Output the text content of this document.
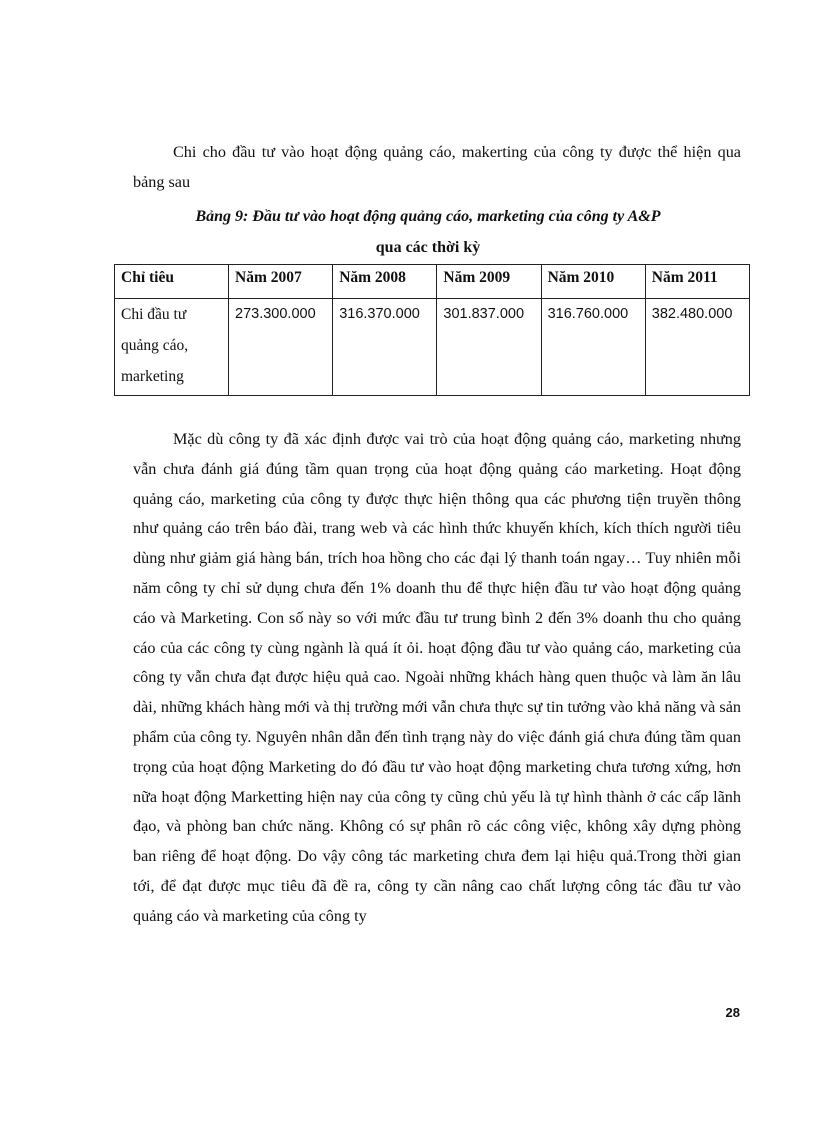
Chi cho đầu tư vào hoạt động quảng cáo, makerting của công ty được thể hiện qua bảng sau

Bảng 9: Đầu tư vào hoạt động quảng cáo, marketing của công ty A&P

qua các thời kỳ

Chỉ tiêu	Năm 2007	Năm 2008	Năm 2009	Năm 2010	Năm 2011
Chi đầu tư quảng cáo, marketing	273.300.000	316.370.000	301.837.000	316.760.000	382.480.000

Mặc dù công ty đã xác định được vai trò của hoạt động quảng cáo, marketing nhưng vẫn chưa đánh giá đúng tầm quan trọng của hoạt động quảng cáo marketing. Hoạt động quảng cáo, marketing của công ty được thực hiện thông qua các phương tiện truyền thông như quảng cáo trên báo đài, trang web và các hình thức khuyến khích, kích thích người tiêu dùng như giảm giá hàng bán, trích hoa hồng cho các đại lý thanh toán ngay… Tuy nhiên mỗi năm công ty chỉ sử dụng chưa đến 1% doanh thu để thực hiện đầu tư vào hoạt động quảng cáo và Marketing. Con số này so với mức đầu tư trung bình 2 đến 3% doanh thu cho quảng cáo của các công ty cùng ngành là quá ít ỏi. hoạt động đầu tư vào quảng cáo, marketing của công ty vẫn chưa đạt được hiệu quả cao. Ngoài những khách hàng quen thuộc và làm ăn lâu dài, những khách hàng mới và thị trường mới vẫn chưa thực sự tin tưởng vào khả năng và sản phẩm của công ty. Nguyên nhân dẫn đến tình trạng này do việc đánh giá chưa đúng tầm quan trọng của hoạt động Marketing do đó đầu tư vào hoạt động marketing chưa tương xứng, hơn nữa hoạt động Marketting hiện nay của công ty cũng chủ yếu là tự hình thành ở các cấp lãnh đạo, và phòng ban chức năng. Không có sự phân rõ các công việc, không xây dựng phòng ban riêng để hoạt động. Do vậy công tác marketing chưa đem lại hiệu quả.Trong thời gian tới, để đạt được mục tiêu đã đề ra, công ty cần nâng cao chất lượng công tác đầu tư vào quảng cáo và marketing của công ty

28
